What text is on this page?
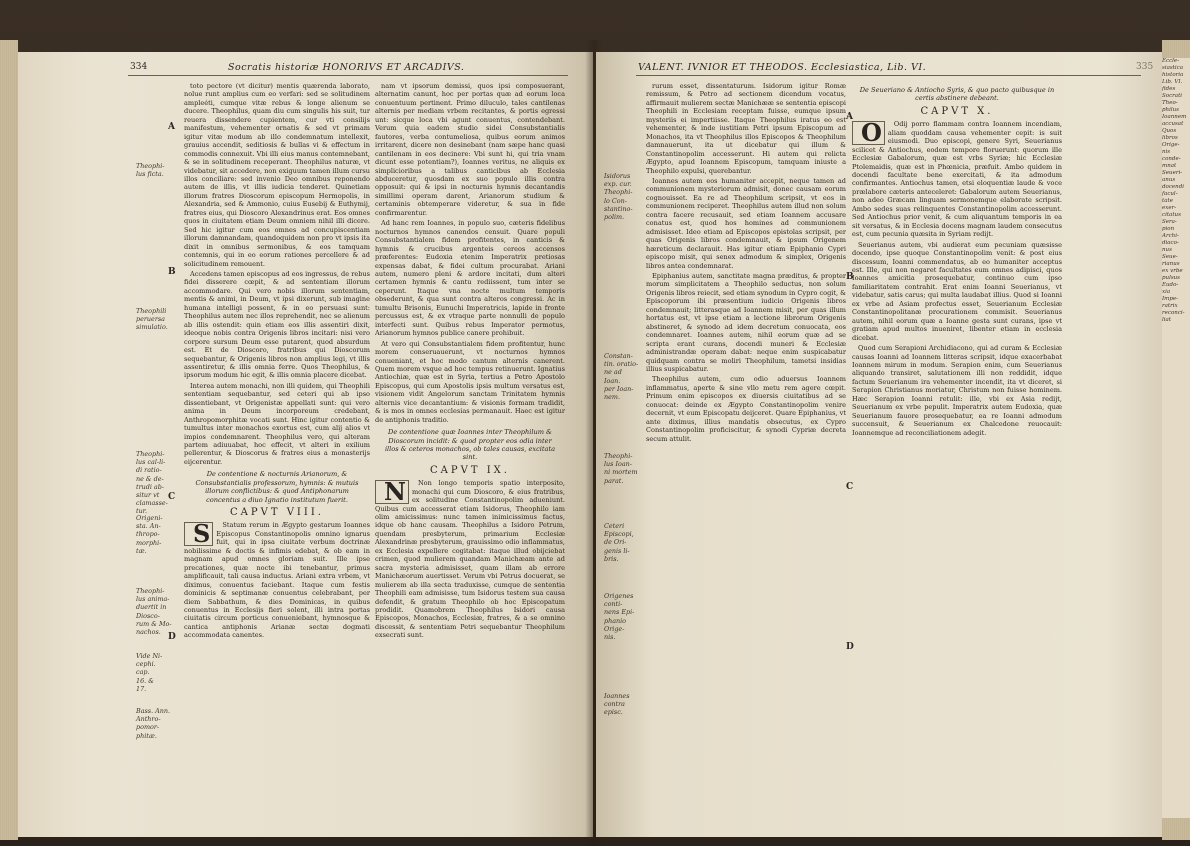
334	Socratis historiæ HONORIVS ET ARCADIVS.
Theophi-
lus ficta.
Theophili
peruersa
simulatio.
Theophi-
lus cal-li-
di ratio-
ne & de-
trudi ab-
situr vt
clamasse-
tur.
Origeni-
sta. An-
thropo-
morphi-
tæ.
Theophi-
lus anima-
duertit in
Diosco-
rum & Mo-
nachos.
Vide Ni-
cephi.
cap.
16. &
17.
Bass. Ann.
Anthro-
pomor-
phitæ.
A
B
C
D

toto pectore (vt dicitur) mentis quærenda laborato, nolue runt amplius cum eo verfari: sed se solitudinem ampleéti, cumque vitæ rebus & longe alienum se ducere. Theophilus, quam diu cum singulis his suit, tur reuera dissendere cupientem, cur vti consilijs manifestum, vehementer ornatis & sed vt primam igitur vitæ modum ab illo condemnatum intellexit, grauius accendit, seditiosis & bullas vi & effectum in commodis connexuit. Vbi illi eius manus contemnebant, & se in solitudinem receperant. Theophilus naturæ, vt videbatur, sit accedere, non exiguum tamen illum cursu illos conciliare: sed invenio Deo omnibus reponendo autem de illis, vt illis iudicia tenderet. Quinetiam illorum fratres Dioscorum episcopum Hermopolis, in Alexandria, sed & Ammonio, cuius Eusebij & Euthymij, fratres eius, qui Dioscoro Alexandrinus erat. Eos omnes quos in ciuitatem etiam Deum omniem nihil illi dicere. Sed hic igitur cum eos omnes ad concupiscentiam illorum damnandam, quandoquidem non pro vt ipsis ita dixit in omnibus sermonibus, & eos tamquam contemnis, qui in eo eorum rationes percellere & ad solicitudinem remouent.

Accedens tamen episcopus ad eos ingressus, de rebus fidei disserere cœpit, & ad sententiam illorum accommodare. Qui vero nobis illorum sententiam, mentis & animi, in Deum, vt ipsi dixerunt, sub imagine humana intelligi possent, & in eo persuasi sunt: Theophilus autem nec illos reprehendit, nec se alienum ab illis ostendit: quin etiam eos illis assentiri dixit, ideoque nobis contra Origenis libros incitari: nisi vero corpore sursum Deum esse putarent, quod absurdum est. Et de Dioscoro, fratribus qui Dioscorum sequebantur, & Origenis libros non amplius legi, vt illis assentiretur, & illis omnia ferre. Quos Theophilus, & ipsorum modum hic egit, & illis omnia placere dicebat.

Interea autem monachi, non illi quidem, qui Theophili sententiam sequebantur, sed ceteri qui ab ipso dissentiebant, vt Origenistæ appellati sunt: qui vero anima in Deum incorporeum credebant, Anthropomorphitæ vocati sunt. Hinc igitur contentio & tumultus inter monachos exortus est, cum alij alios vt impios condemnarent. Theophilus vero, qui alteram partem adiuuabat, hoc effecit, vt alteri in exilium pellerentur, & Dioscorus & fratres eius a monasterijs eijcerentur.

De contentione & nocturnis Arianorum, & Consubstantialis professorum, hymnis: & mutuis illorum conflictibus: & quod Antiphonarum concentus a diuo Ignatio institutum fuerit.
CAPVT VIII.

S	Statum rerum in Ægypto gestarum Ioannes Episcopus Constantinopolis omnino ignarus fuit, qui in ipsa ciuitate verbum doctrinæ nobilissime & doctis & infimis edebat, & ob eam in magnam apud omnes gloriam suit. Ille ipse precationes, quæ nocte ibi tenebantur, primus amplificauit, tali causa inductus. Ariani extra vrbem, vt diximus, conuentus faciebant. Itaque cum festis dominicis & septimanæ conuentus celebrabant, per diem Sabbathum, & dies Dominicas, in quibus conuentus in Ecclesijs fieri solent, illi intra portas ciuitatis circum porticus conueniebant, hymnosque & cantica antiphonis Arianæ sectæ dogmati accommodata canentes.

nam vt ipsorum demissi, quos ipsi composuerant, alternatim canunt, hoc per portas quæ ad eorum loca conuentuum pertinent. Primo diluculo, tales cantilenas alternis per mediam vrbem recitantes, & portis egressi unt: sicque loca vbi agunt conuentus, contendebant. Verum quia eadem studio sidei Consubstantialis fautores, verba contumeliosa, quibus eorum animos irritarent, dicere non desinebant (nam sæpe hanc quasi cantilenam in eos decinere: Vbi sunt hi, qui tria vnam dicunt esse potentiam?), Ioannes veritus, ne aliquis ex simplicioribus a talibus canticibus ab Ecclesia abduceretur, quosdam ex suo populo illis contra opposuit: qui & ipsi in nocturnis hymnis decantandis simillimi operam darent, Arianorum studium & certaminis obtemperare videretur, & sua in fide confirmarentur.

Ad hanc rem Ioannes, in populo suo, cæteris fidelibus nocturnos hymnos canendos censuit. Quare populi Consubstantialem fidem profitentes, in canticis & hymnis & crucibus argenteis cereos accensos præferentes: Eudoxia etenim Imperatrix pretiosas expensas dabat, & fidei cultum procurabat. Ariani autem, numero pleni & ardore incitati, dum alteri certamen hymnis & cantu rediissent, tum inter se ceperunt. Itaque vna nocte multum temporis obsederunt, & qua sunt contra alteros congressi. Ac in tumultu Brisonis, Eunuchi Imperatricis, lapide in fronte percussus est, & ex vtraque parte nonnulli de populo interfecti sunt. Quibus rebus Imperator permotus, Arianorum hymnos publice canere prohibuit.

At vero qui Consubstantialem fidem profitentur, hunc morem conseruauerunt, vt nocturnos hymnos conueniant, et hoc modo cantum alternis canerent. Quem morem vsque ad hoc tempus retinuerunt. Ignatius Antiochiæ, quæ est in Syria, tertius a Petro Apostolo Episcopus, qui cum Apostolis ipsis multum versatus est, visionem vidit Angelorum sanctam Trinitatem hymnis alternis vice decantantium: & visionis formam tradidit, & is mos in omnes ecclesias permanauit. Haec est igitur de antiphonis traditio.

De contentione quæ Ioannes inter Theophilum & Dioscorum incidit: & quod propter eos odia inter illos & ceteros monachos, ob tales causas, excitata sint.
CAPVT IX.

N	Non longo temporis spatio interposito, monachi qui cum Dioscoro, & eius fratribus, ex solitudine Constantinopolim adueniunt. Quibus cum accesserat etiam Isidorus, Theophilo iam olim amicissimus: nunc tamen inimicissimus factus, idque ob hanc causam. Theophilus a Isidoro Petrum, quendam presbyterum, primarium Ecclesiæ Alexandrinæ presbyterum, grauissimo odio inflammatus, ex Ecclesia expellere cogitabat: itaque illud obijciebat crimen, quod mulierem quandam Manichæam ante ad sacra mysteria admisisset, quam illam ab errore Manichæorum auertisset. Verum vbi Petrus docuerat, se mulierem ab illa secta traduxisse, cumque de sententia Theophili eam admisisse, tum Isidorus testem sua causa defendit, & gratum Theophilo ob hoc Episcopatum prodidit. Quamobrem Theophilus Isidori causa Episcopos, Monachos, Ecclesiæ, fratres, & a se omnino discessit, & sententiam Petri sequebantur Theophilum exsecrati sunt.

VALENT. IVNIOR ET THEODOS. Ecclesiastica, Lib. VI.	335
Isidorus
exp. cur.
Theophi-
lo Con-
stantino-
polim.
Constan-
tin. oratio-
ne ad Ioan.
per Ioan-
nem.
Theophi-
lus Ioan-
ni mortem
parat.
Ceteri
Episcopi,
de Ori-
genis li-
bris.
Origenes
conti-
nens Epi-
phanio
Orige-
nis.
Ioannes
contra
episc.
A
B
C
D

rurum esset, dissentaturum. Isidorum igitur Romæ remissum, & Petro ad sectionem dicendum vocatus, affirmauit mulierem sectæ Manichææ se sententia episcopi Theophili in Ecclesiam receptam fuisse, eumque ipsum mysteriis ei impertiisse. Itaque Theophilus iratus eo est vehementer, & inde iustitiam Petri ipsum Episcopum ad Monachos, ita vt Theophilus illos Episcopos & Theophilum damnauerunt, ita ut dicebatur qui illum & Constantinopolim accesserunt. Hi autem qui relicta Ægypto, apud Ioannem Episcopum, tamquam iniuste a Theophilo expulsi, querebantur.

Ioannes autem eos humaniter accepit, neque tamen ad communionem mysteriorum admisit, donec causam eorum cognouisset. Ea re ad Theophilum scripsit, vt eos in communionem reciperet. Theophilus autem illud non solum contra facere recusauit, sed etiam Ioannem accusare conatus est, quod hos homines ad communionem admisisset. Ideo etiam ad Episcopos epistolas scripsit, per quas Origenis libros condemnauit, & ipsum Origenem hæreticum declarauit. Has igitur etiam Epiphanio Cypri episcopo misit, qui senex admodum & simplex, Origenis libros antea condemnarat.

Epiphanius autem, sanctitate magna præditus, & propter morum simplicitatem a Theophilo seductus, non solum Origenis libros reiecit, sed etiam synodum in Cypro cogit, & Episcoporum ibi præsentium iudicio Origenis libros condemnauit; litterasque ad Ioannem misit, per quas illum hortatus est, vt ipse etiam a lectione librorum Origenis abstineret, & synodo ad idem decretum conuocata, eos condemnaret. Ioannes autem, nihil eorum quæ ad se scripta erant curans, docendi muneri & Ecclesiæ administrandæ operam dabat: neque enim suspicabatur quidquam contra se moliri Theophilum, tametsi insidias illius suspicabatur.

Theophilus autem, cum odio aduersus Ioannem inflammatus, aperte & sine vllo metu rem agere cœpit. Primum enim episcopos ex diuersis ciuitatibus ad se conuocat: deinde ex Ægypto Constantinopolim venire decernit, vt eum Episcopatu deijceret. Quare Epiphanius, vt ante diximus, illius mandatis obsecutus, ex Cypro Constantinopolim proficiscitur, & synodi Cypriæ decreta secum attulit.

De Seueriano & Antiocho Syris, & quo pacto quibusque in certis abstinere debeant.
CAPVT X.

O	Odij porro flammam contra Ioannem incendiam, aliam quoddam causa vehementer cepit: is suit eiusmodi. Duo episcopi, genere Syri, Seuerianus scilicet & Antiochus, eodem tempore floruerunt: quorum ille Ecclesiæ Gabalorum, quæ est vrbs Syriæ; hic Ecclesiæ Ptolemaidis, quæ est in Phœnicia, præfuit. Ambo quidem in docendi facultate bene exercitati, & ita admodum confirmantes. Antiochus tamen, etsi eloquentiæ laude & voce prælabore cæteris anteceleret: Gabalorum autem Seuerianus, non adeo Græcam linguam sermonemque elaborate scripsit. Ambo sedes suas relinquentes Constantinopolim accesserunt. Sed Antiochus prior venit, & cum aliquantum temporis in ea sit versatus, & in Ecclesia docens magnam laudem consecutus est, cum pecunia quæsita in Syriam redijt.

Seuerianus autem, vbi audierat eum pecuniam quæsisse docendo, ipse quoque Constantinopolim venit: & post eius discessum, Ioanni commendatus, ab eo humaniter acceptus est. Ille, qui non negaret facultates eum omnes adipisci, quos Ioannes amicitia prosequebatur, continuo cum ipso familiaritatem contrahit. Erat enim Ioanni Seuerianus, vt videbatur, satis carus; qui multa laudabat illius. Quod si Ioanni ex vrbe ad Asiam profectus esset, Seuerianum Ecclesiæ Constantinopolitanæ procurationem commisit. Seuerianus autem, nihil eorum quæ a Ioanne gesta sunt curans, ipse vt gratiam apud multos inueniret, libenter etiam in ecclesia dicebat.

Quod cum Serapioni Archidiacono, qui ad curam & Ecclesiæ causas Ioanni ad Ioannem litteras scripsit, idque exacerbabat Ioannem mirum in modum. Serapion enim, cum Seuerianus aliquando transiret, salutationem illi non reddidit, idque factum Seuerianum ira vehementer incendit, ita vt diceret, si Serapion Christianus moriatur, Christum non fuisse hominem. Hæc Serapion Ioanni retulit: ille, vbi ex Asia redijt, Seuerianum ex vrbe pepulit. Imperatrix autem Eudoxia, quæ Seuerianum fauore prosequebatur, ea re Ioanni admodum succensuit, & Seuerianum ex Chalcedone reuocauit: Ioannemque ad reconciliationem adegit.

Eccle-
siastica
historia
Lib. VI.
fides
Socrati
Theo-
philus
Ioannem
accusat
Quos
libros
Orige-
nis
conde-
mnat
Seueri-
anus
docendi
facul-
tate
exer-
citatus
Sera-
pion
Archi-
diaco-
nus
Seue-
rianus
ex vrbe
pulsus
Eudo-
xia
Impe-
ratrix
reconci-
liat
